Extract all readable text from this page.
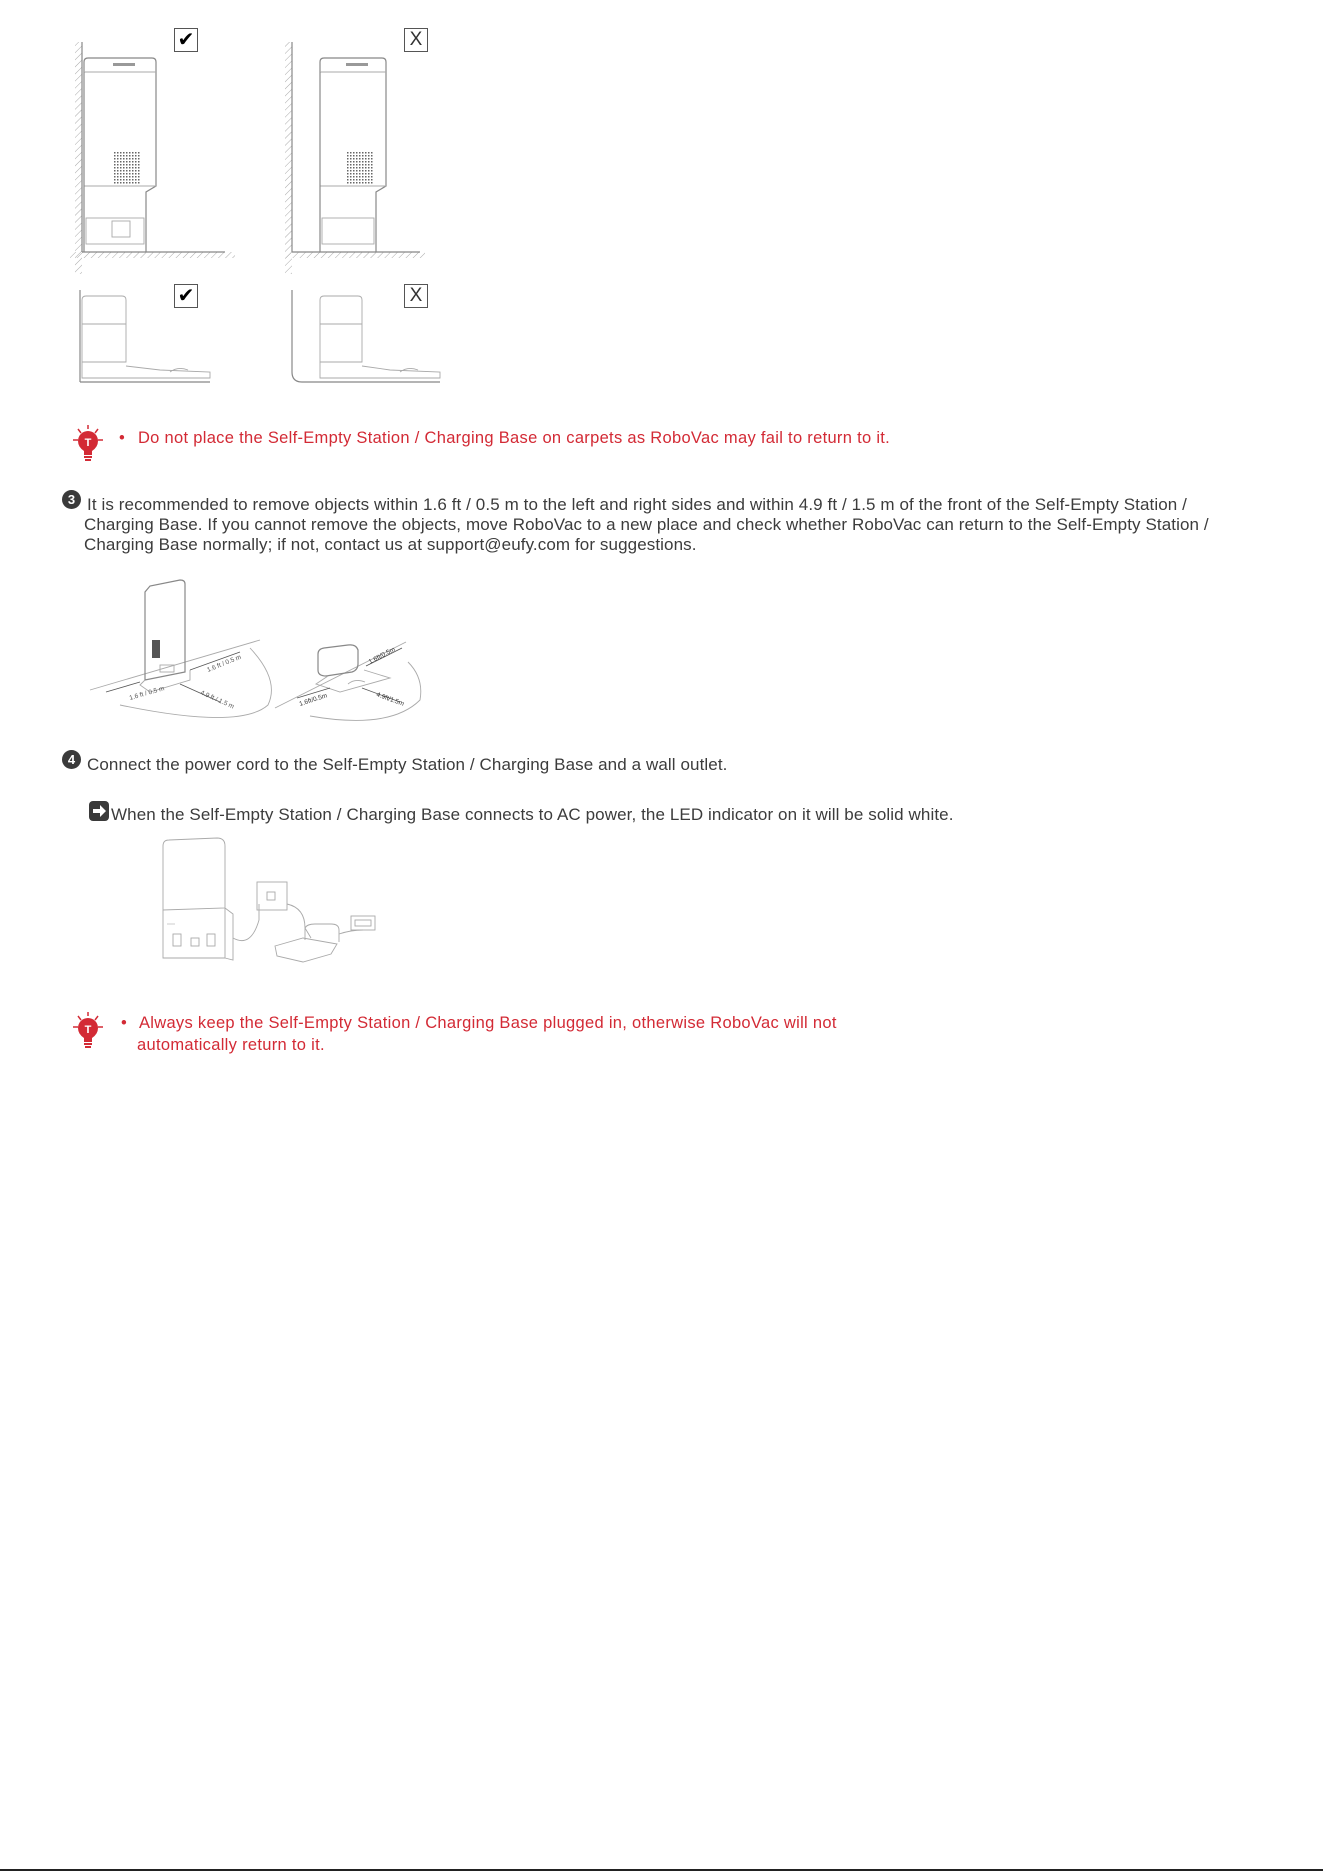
✔	X
✔	X
T • Do not place the Self-Empty Station / Charging Base on carpets as RoboVac may fail to return to it.
3 It is recommended to remove objects within 1.6 ft / 0.5 m to the left and right sides and within 4.9 ft / 1.5 m of the front of the Self-Empty Station / Charging Base. If you cannot remove the objects, move RoboVac to a new place and check whether RoboVac can return to the Self-Empty Station / Charging Base normally; if not, contact us at support@eufy.com for suggestions.
1.6 ft / 0.5 m
1.6 ft / 0.5 m
4.9 ft / 1.5 m	1.6ft/0.5m
1.6ft/0.5m
4.9ft/1.5m
4 Connect the power cord to the Self-Empty Station / Charging Base and a wall outlet.
When the Self-Empty Station / Charging Base connects to AC power, the LED indicator on it will be solid white.
T • Always keep the Self-Empty Station / Charging Base plugged in, otherwise RoboVac will not
automatically return to it.
